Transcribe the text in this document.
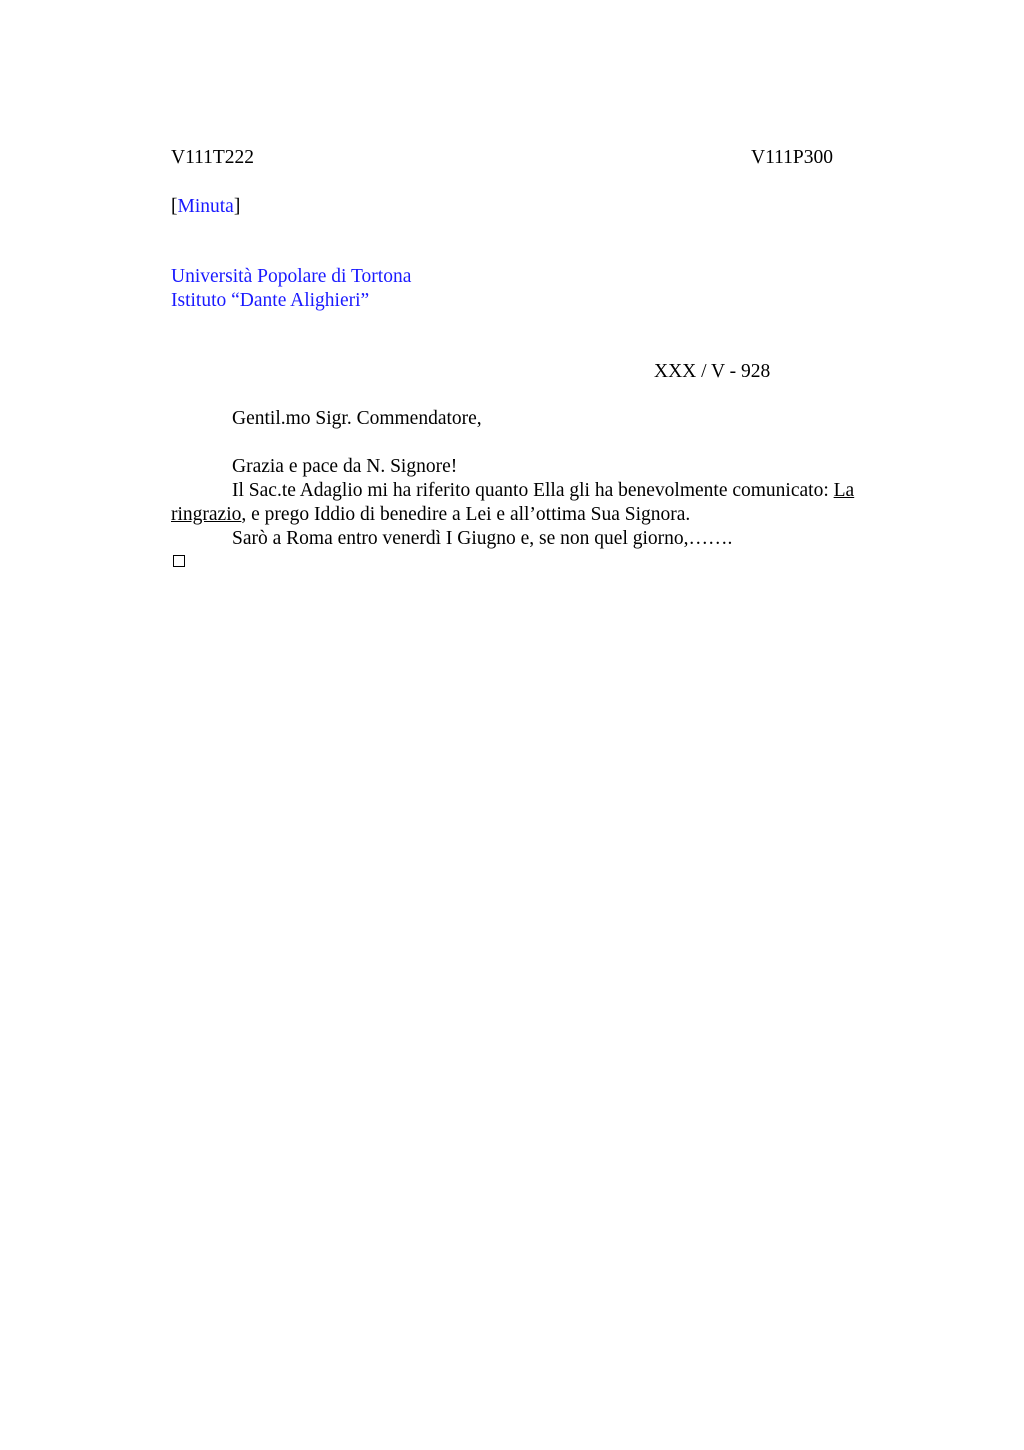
V111T222	V111P300
[Minuta]
Università Popolare di Tortona
Istituto “Dante Alighieri”
XXX / V - 928
Gentil.mo Sigr. Commendatore,
Grazia e pace da N. Signore!
Il Sac.te Adaglio mi ha riferito quanto Ella gli ha benevolmente comunicato: La
ringrazio, e prego Iddio di benedire a Lei e all’ottima Sua Signora.
Sarò a Roma entro venerdì I Giugno e, se non quel giorno,…….
